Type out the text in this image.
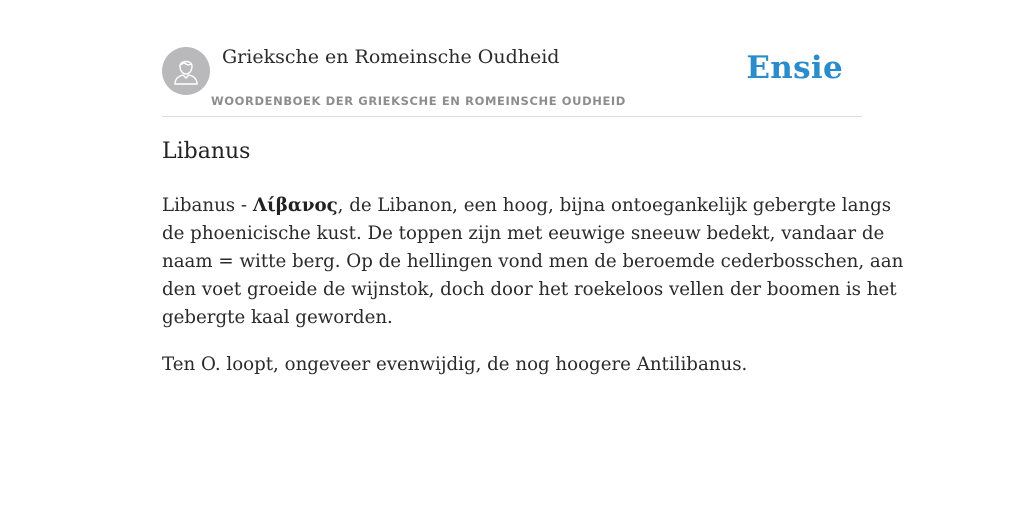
Grieksche en Romeinsche Oudheid
WOORDENBOEK DER GRIEKSCHE EN ROMEINSCHE OUDHEID
Ensie
Libanus

Libanus - Λίβανος, de Libanon, een hoog, bijna ontoegankelijk gebergte langs
de phoenicische kust. De toppen zijn met eeuwige sneeuw bedekt, vandaar de
naam = witte berg. Op de hellingen vond men de beroemde cederbosschen, aan
den voet groeide de wijnstok, doch door het roekeloos vellen der boomen is het
gebergte kaal geworden.

Ten O. loopt, ongeveer evenwijdig, de nog hoogere Antilibanus.
